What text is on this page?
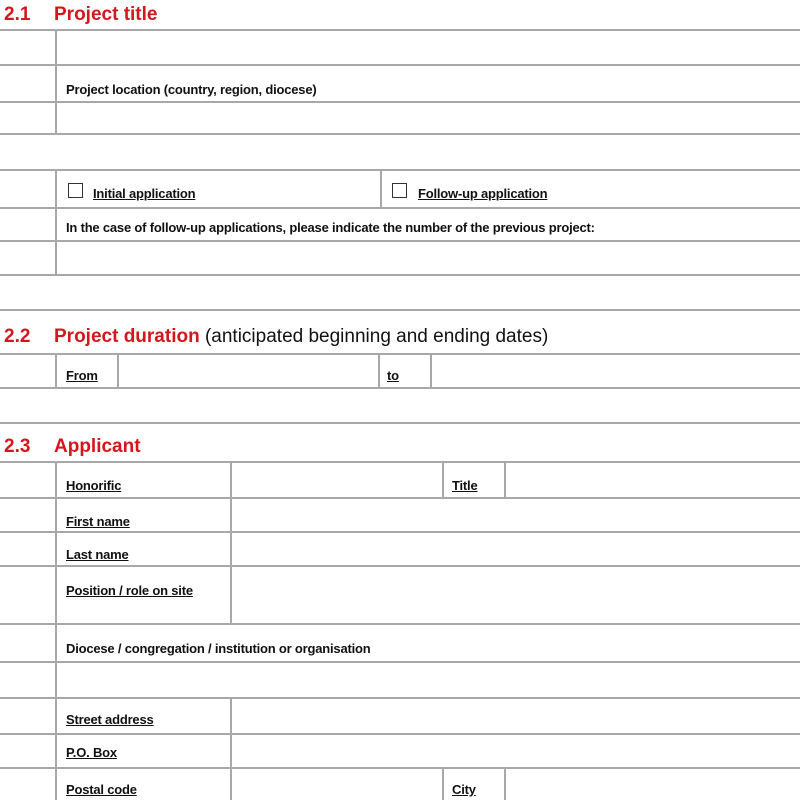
2.1 Project title
Project location (country, region, diocese)
Initial application	Follow-up application
In the case of follow-up applications, please indicate the number of the previous project:
2.2 Project duration (anticipated beginning and ending dates)
From	to
2.3 Applicant
Honorific	Title
First name
Last name
Position / role on site
Diocese / congregation / institution or organisation
Street address
P.O. Box
Postal code	City
